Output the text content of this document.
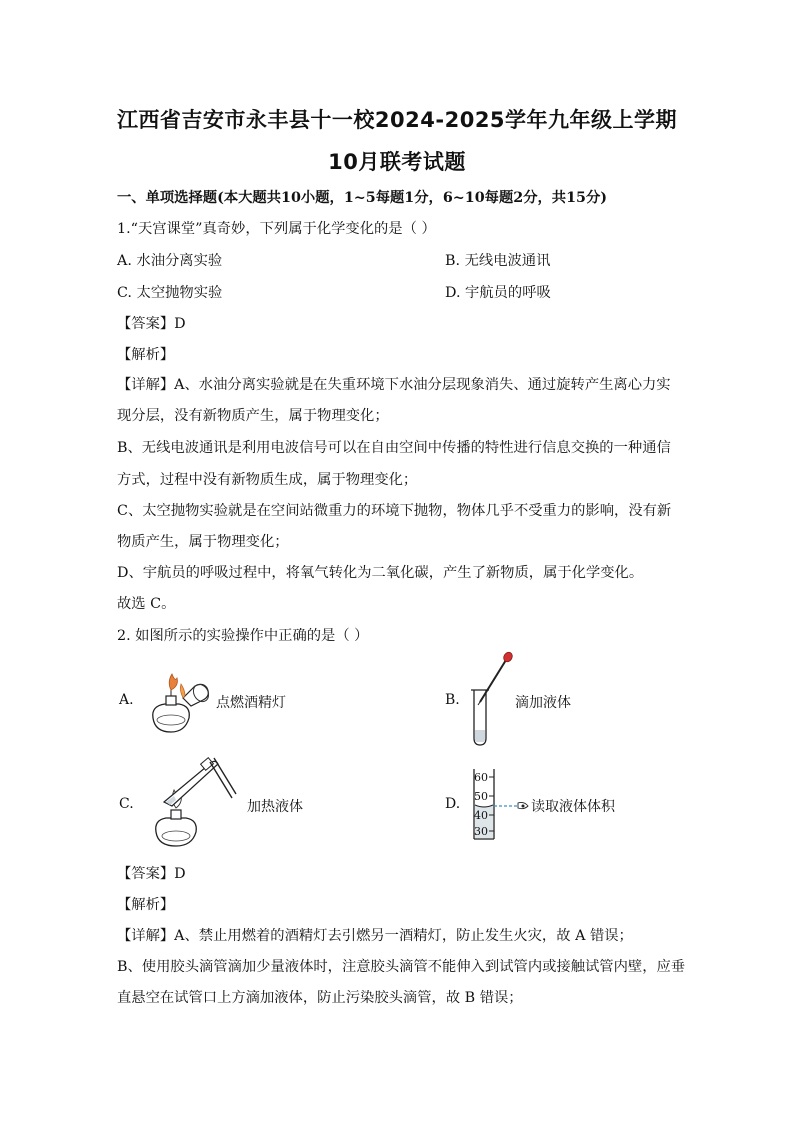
江西省吉安市永丰县十一校2024-2025学年九年级上学期
10月联考试题
一、单项选择题(本大题共10小题，1~5每题1分，6~10每题2分，共15分)
1.“天宫课堂”真奇妙，下列属于化学变化的是（ ）
A. 水油分离实验	B. 无线电波通讯
C. 太空抛物实验	D. 宇航员的呼吸
【答案】D
【解析】
【详解】A、水油分离实验就是在失重环境下水油分层现象消失、通过旋转产生离心力实
现分层，没有新物质产生，属于物理变化；
B、无线电波通讯是利用电波信号可以在自由空间中传播的特性进行信息交换的一种通信
方式，过程中没有新物质生成，属于物理变化；
C、太空抛物实验就是在空间站微重力的环境下抛物，物体几乎不受重力的影响，没有新
物质产生，属于物理变化；
D、宇航员的呼吸过程中，将氧气转化为二氧化碳，产生了新物质，属于化学变化。
故选 C。
2. 如图所示的实验操作中正确的是（ ）
A.	点燃酒精灯	B.	滴加液体
C.	加热液体	D.
60
50
40
30
读取液体体积
【答案】D
【解析】
【详解】A、禁止用燃着的酒精灯去引燃另一酒精灯，防止发生火灾，故 A 错误；
B、使用胶头滴管滴加少量液体时，注意胶头滴管不能伸入到试管内或接触试管内壁，应垂
直悬空在试管口上方滴加液体，防止污染胶头滴管，故 B 错误；
